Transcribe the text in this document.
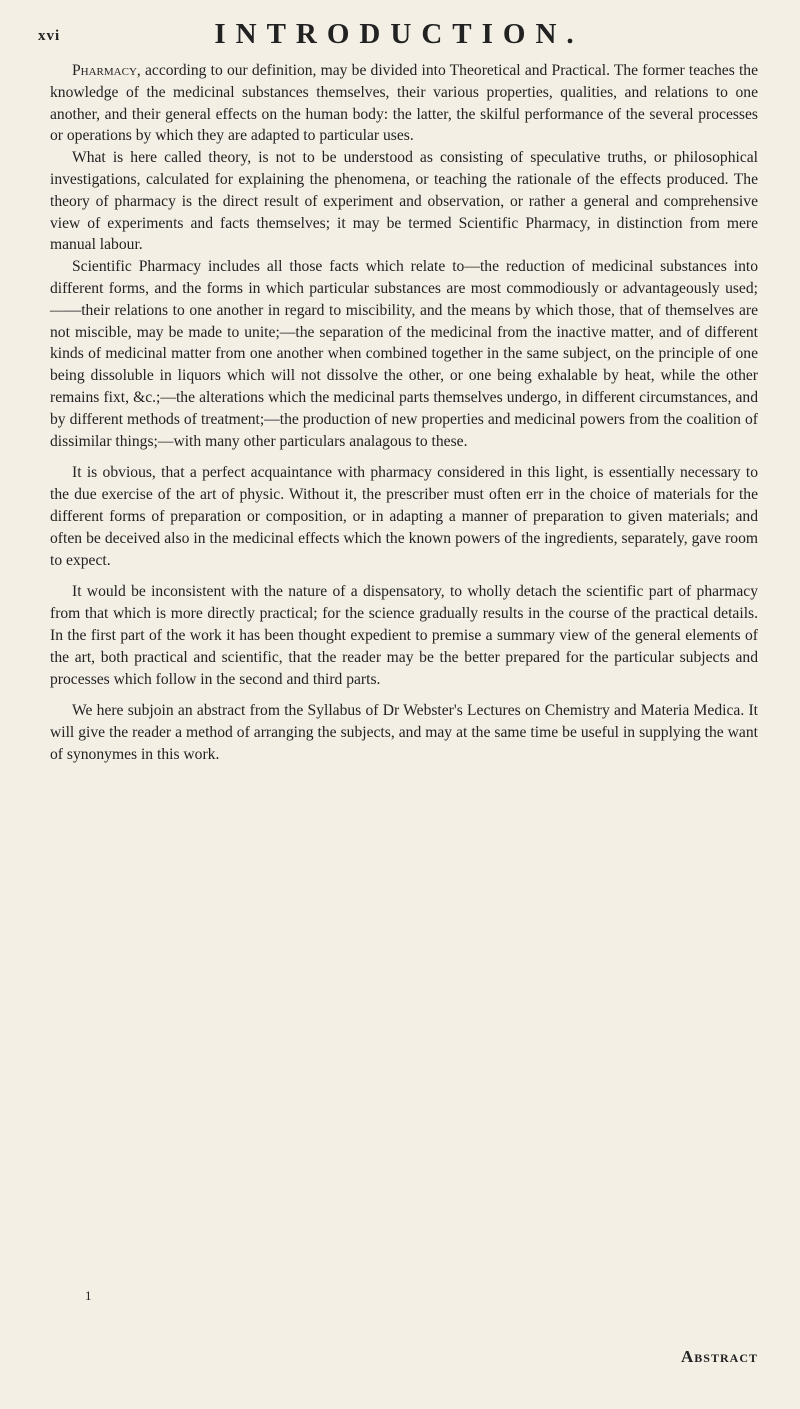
xvi	INTRODUCTION.

Pharmacy, according to our definition, may be divided into Theoretical and Practical. The former teaches the knowledge of the medicinal substances themselves, their various properties, qualities, and relations to one another, and their general effects on the human body: the latter, the skilful performance of the several processes or operations by which they are adapted to particular uses.

What is here called theory, is not to be understood as consisting of speculative truths, or philosophical investigations, calculated for explaining the phenomena, or teaching the rationale of the effects produced. The theory of pharmacy is the direct result of experiment and observation, or rather a general and comprehensive view of experiments and facts themselves; it may be termed Scientific Pharmacy, in distinction from mere manual labour.

Scientific Pharmacy includes all those facts which relate to—the reduction of medicinal substances into different forms, and the forms in which particular substances are most commodiously or advantageously used;——their relations to one another in regard to miscibility, and the means by which those, that of themselves are not miscible, may be made to unite;—the separation of the medicinal from the inactive matter, and of different kinds of medicinal matter from one another when combined together in the same subject, on the principle of one being dissoluble in liquors which will not dissolve the other, or one being exhalable by heat, while the other remains fixt, &c.;—the alterations which the medicinal parts themselves undergo, in different circumstances, and by different methods of treatment;—the production of new properties and medicinal powers from the coalition of dissimilar things;—with many other particulars analagous to these.

It is obvious, that a perfect acquaintance with pharmacy considered in this light, is essentially necessary to the due exercise of the art of physic. Without it, the prescriber must often err in the choice of materials for the different forms of preparation or composition, or in adapting a manner of preparation to given materials; and often be deceived also in the medicinal effects which the known powers of the ingredients, separately, gave room to expect.

It would be inconsistent with the nature of a dispensatory, to wholly detach the scientific part of pharmacy from that which is more directly practical; for the science gradually results in the course of the practical details. In the first part of the work it has been thought expedient to premise a summary view of the general elements of the art, both practical and scientific, that the reader may be the better prepared for the particular subjects and processes which follow in the second and third parts.

We here subjoin an abstract from the Syllabus of Dr Webster's Lectures on Chemistry and Materia Medica. It will give the reader a method of arranging the subjects, and may at the same time be useful in supplying the want of synonymes in this work.

1
Abstract
